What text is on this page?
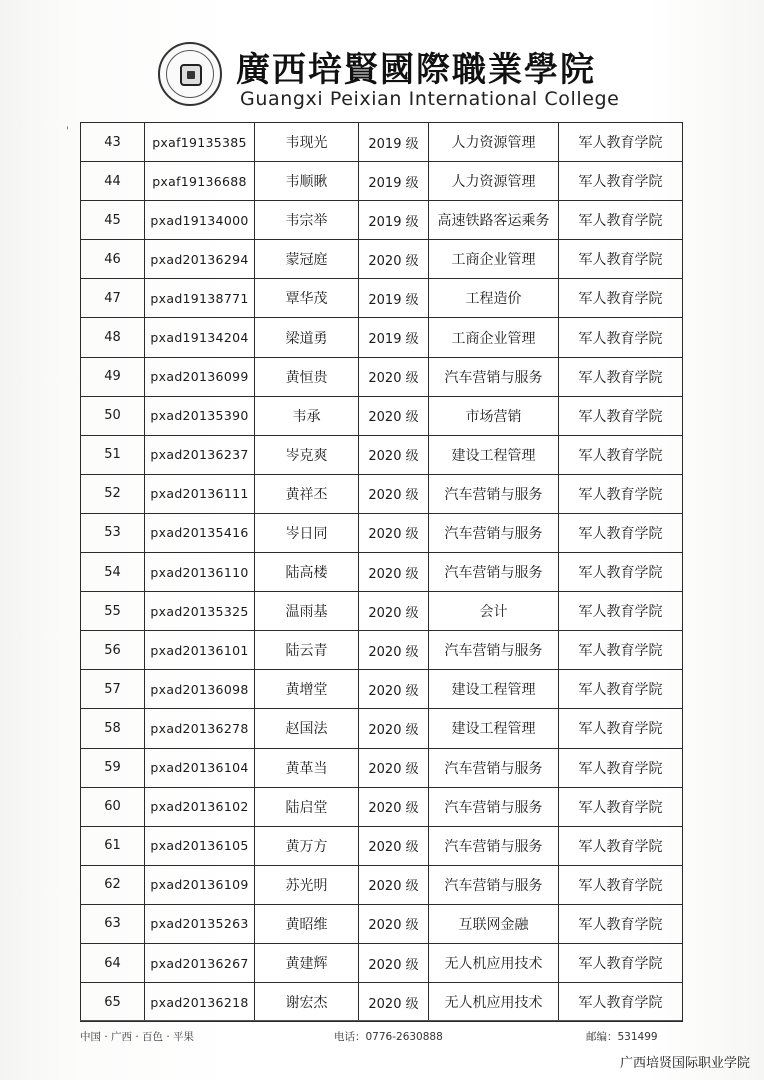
廣西培賢國際職業學院
Guangxi Peixian International College
'
43	pxaf19135385	韦现光	2019 级	人力资源管理	军人教育学院
44	pxaf19136688	韦顺瞅	2019 级	人力资源管理	军人教育学院
45	pxad19134000	韦宗举	2019 级	高速铁路客运乘务	军人教育学院
46	pxad20136294	蒙冠庭	2020 级	工商企业管理	军人教育学院
47	pxad19138771	覃华茂	2019 级	工程造价	军人教育学院
48	pxad19134204	梁道勇	2019 级	工商企业管理	军人教育学院
49	pxad20136099	黄恒贵	2020 级	汽车营销与服务	军人教育学院
50	pxad20135390	韦承	2020 级	市场营销	军人教育学院
51	pxad20136237	岑克爽	2020 级	建设工程管理	军人教育学院
52	pxad20136111	黄祥丕	2020 级	汽车营销与服务	军人教育学院
53	pxad20135416	岑日同	2020 级	汽车营销与服务	军人教育学院
54	pxad20136110	陆高楼	2020 级	汽车营销与服务	军人教育学院
55	pxad20135325	温雨基	2020 级	会计	军人教育学院
56	pxad20136101	陆云青	2020 级	汽车营销与服务	军人教育学院
57	pxad20136098	黄增堂	2020 级	建设工程管理	军人教育学院
58	pxad20136278	赵国法	2020 级	建设工程管理	军人教育学院
59	pxad20136104	黄革当	2020 级	汽车营销与服务	军人教育学院
60	pxad20136102	陆启堂	2020 级	汽车营销与服务	军人教育学院
61	pxad20136105	黄万方	2020 级	汽车营销与服务	军人教育学院
62	pxad20136109	苏光明	2020 级	汽车营销与服务	军人教育学院
63	pxad20135263	黄昭维	2020 级	互联网金融	军人教育学院
64	pxad20136267	黄建辉	2020 级	无人机应用技术	军人教育学院
65	pxad20136218	谢宏杰	2020 级	无人机应用技术	军人教育学院
中国 · 广西 · 百色 · 平果	电话：0776-2630888	邮编：531499
广西培贤国际职业学院
